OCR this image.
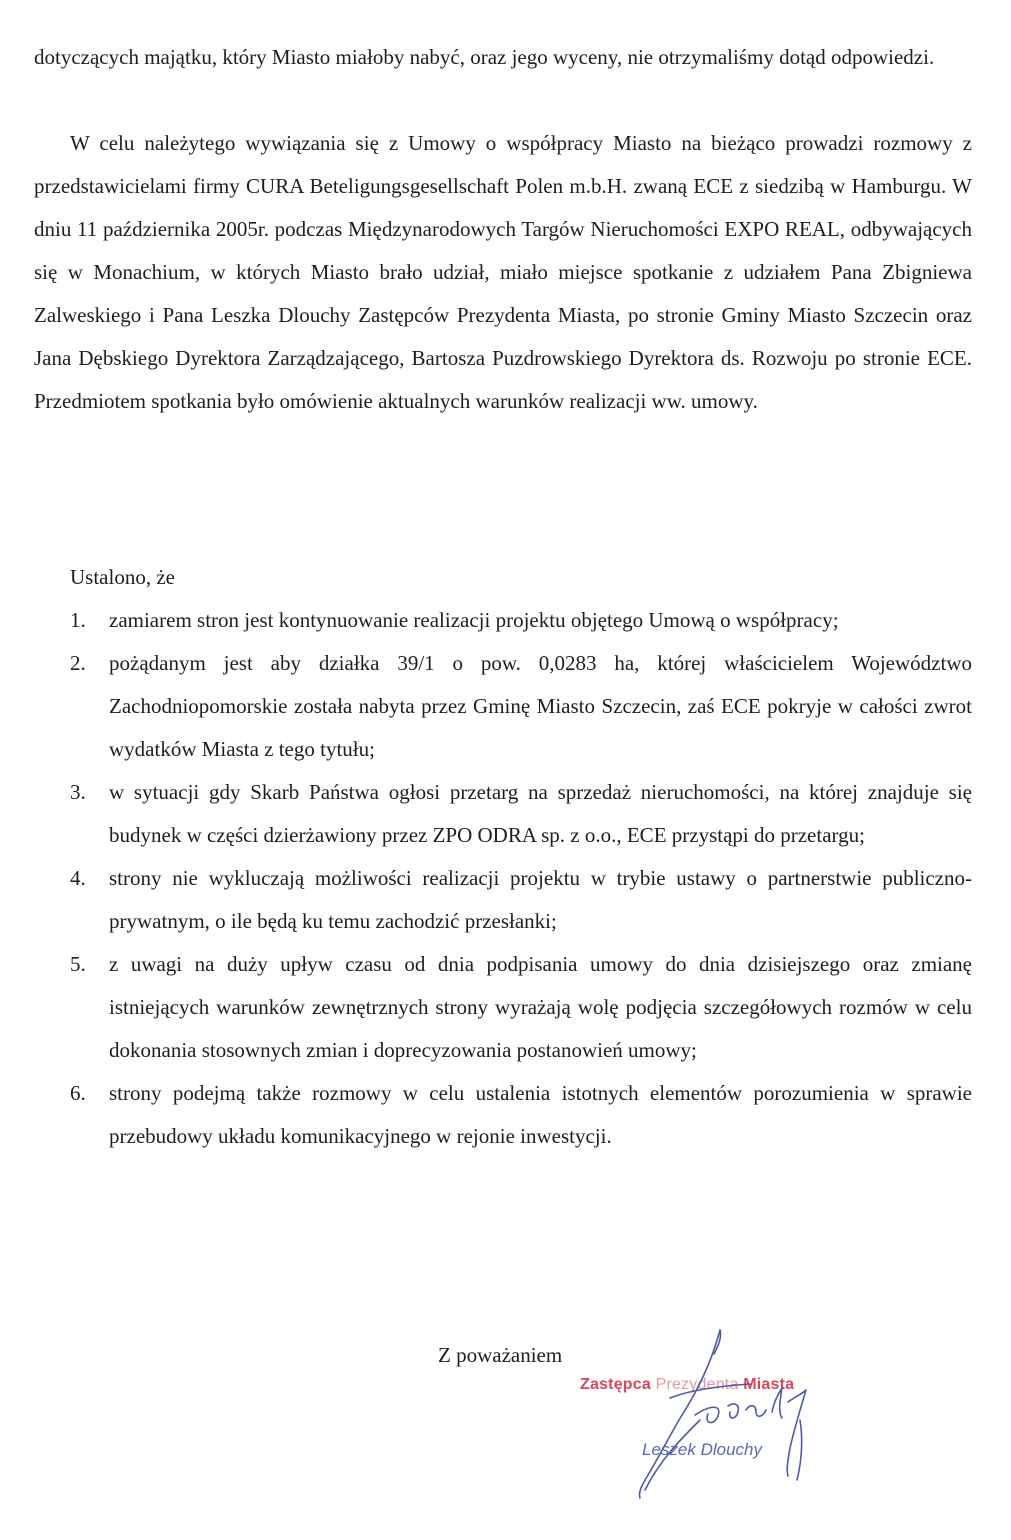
dotyczących majątku, który Miasto miałoby nabyć, oraz jego wyceny, nie otrzymaliśmy dotąd odpowiedzi.

W celu należytego wywiązania się z Umowy o współpracy Miasto na bieżąco prowadzi rozmowy z przedstawicielami firmy CURA Beteligungsgesellschaft Polen m.b.H. zwaną ECE z siedzibą w Hamburgu. W dniu 11 października 2005r. podczas Międzynarodowych Targów Nieruchomości EXPO REAL, odbywających się w Monachium, w których Miasto brało udział, miało miejsce spotkanie z udziałem Pana Zbigniewa Zalweskiego i Pana Leszka Dlouchy Zastępców Prezydenta Miasta, po stronie Gminy Miasto Szczecin oraz Jana Dębskiego Dyrektora Zarządzającego, Bartosza Puzdrowskiego Dyrektora ds. Rozwoju po stronie ECE. Przedmiotem spotkania było omówienie aktualnych warunków realizacji ww. umowy.

Ustalono, że

1. zamiarem stron jest kontynuowanie realizacji projektu objętego Umową o współpracy;
2. pożądanym jest aby działka 39/1 o pow. 0,0283 ha, której właścicielem Województwo Zachodniopomorskie została nabyta przez Gminę Miasto Szczecin, zaś ECE pokryje w całości zwrot wydatków Miasta z tego tytułu;
3. w sytuacji gdy Skarb Państwa ogłosi przetarg na sprzedaż nieruchomości, na której znajduje się budynek w części dzierżawiony przez ZPO ODRA sp. z o.o., ECE przystąpi do przetargu;
4. strony nie wykluczają możliwości realizacji projektu w trybie ustawy o partnerstwie publiczno-prywatnym, o ile będą ku temu zachodzić przesłanki;
5. z uwagi na duży upływ czasu od dnia podpisania umowy do dnia dzisiejszego oraz zmianę istniejących warunków zewnętrznych strony wyrażają wolę podjęcia szczegółowych rozmów w celu dokonania stosownych zmian i doprecyzowania postanowień umowy;
6. strony podejmą także rozmowy w celu ustalenia istotnych elementów porozumienia w sprawie przebudowy układu komunikacyjnego w rejonie inwestycji.
Z poważaniem
Zastępca Prezydenta Miasta
Leszek Dlouchy
